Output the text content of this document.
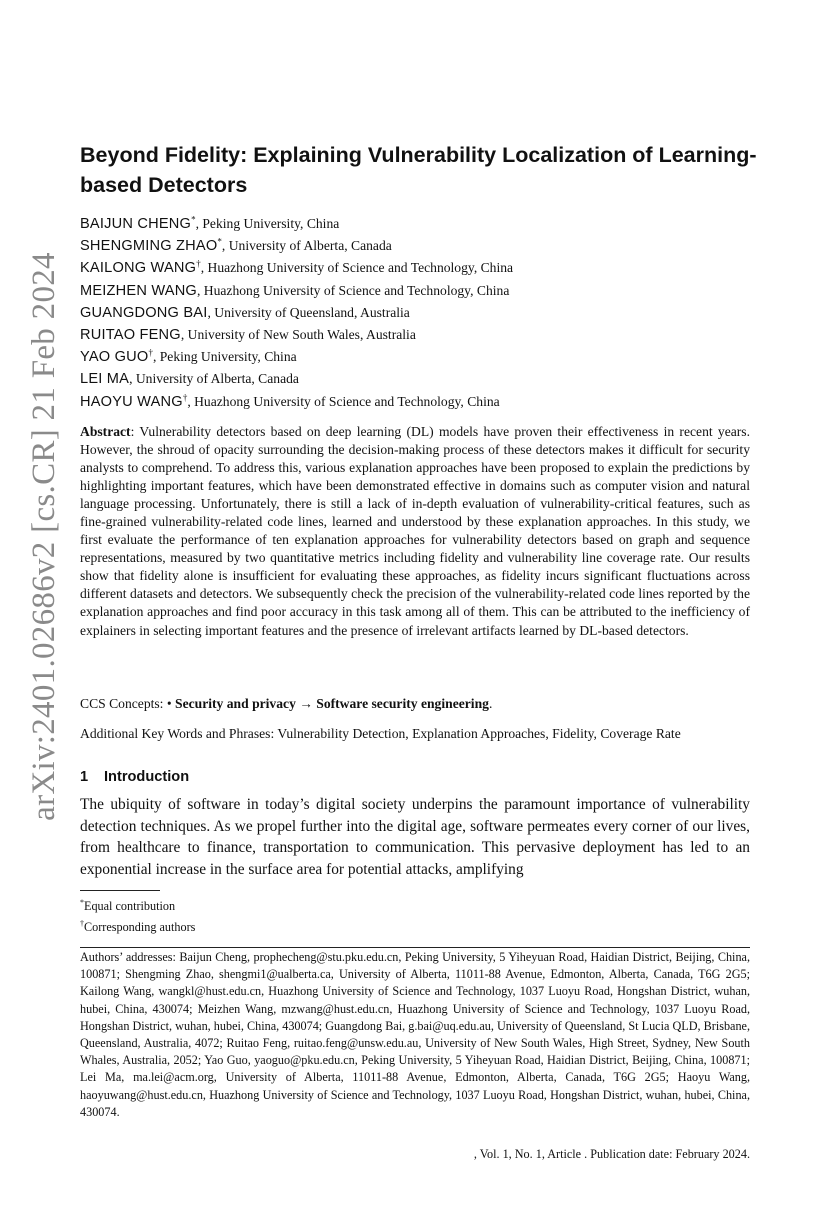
arXiv:2401.02686v2 [cs.CR] 21 Feb 2024
Beyond Fidelity: Explaining Vulnerability Localization of Learning-based Detectors
BAIJUN CHENG*, Peking University, China
SHENGMING ZHAO*, University of Alberta, Canada
KAILONG WANG†, Huazhong University of Science and Technology, China
MEIZHEN WANG, Huazhong University of Science and Technology, China
GUANGDONG BAI, University of Queensland, Australia
RUITAO FENG, University of New South Wales, Australia
YAO GUO†, Peking University, China
LEI MA, University of Alberta, Canada
HAOYU WANG†, Huazhong University of Science and Technology, China

Abstract: Vulnerability detectors based on deep learning (DL) models have proven their effectiveness in recent years. However, the shroud of opacity surrounding the decision-making process of these detectors makes it difficult for security analysts to comprehend. To address this, various explanation approaches have been proposed to explain the predictions by highlighting important features, which have been demonstrated effective in domains such as computer vision and natural language processing. Unfortunately, there is still a lack of in-depth evaluation of vulnerability-critical features, such as fine-grained vulnerability-related code lines, learned and understood by these explanation approaches. In this study, we first evaluate the performance of ten explanation approaches for vulnerability detectors based on graph and sequence representations, measured by two quantitative metrics including fidelity and vulnerability line coverage rate. Our results show that fidelity alone is insufficient for evaluating these approaches, as fidelity incurs significant fluctuations across different datasets and detectors. We subsequently check the precision of the vulnerability-related code lines reported by the explanation approaches and find poor accuracy in this task among all of them. This can be attributed to the inefficiency of explainers in selecting important features and the presence of irrelevant artifacts learned by DL-based detectors.

CCS Concepts: • Security and privacy → Software security engineering.

Additional Key Words and Phrases: Vulnerability Detection, Explanation Approaches, Fidelity, Coverage Rate

1 Introduction

The ubiquity of software in today’s digital society underpins the paramount importance of vulnerability detection techniques. As we propel further into the digital age, software permeates every corner of our lives, from healthcare to finance, transportation to communication. This pervasive deployment has led to an exponential increase in the surface area for potential attacks, amplifying

*Equal contribution
†Corresponding authors

Authors’ addresses: Baijun Cheng, prophecheng@stu.pku.edu.cn, Peking University, 5 Yiheyuan Road, Haidian District, Beijing, China, 100871; Shengming Zhao, shengmi1@ualberta.ca, University of Alberta, 11011-88 Avenue, Edmonton, Alberta, Canada, T6G 2G5; Kailong Wang, wangkl@hust.edu.cn, Huazhong University of Science and Technology, 1037 Luoyu Road, Hongshan District, wuhan, hubei, China, 430074; Meizhen Wang, mzwang@hust.edu.cn, Huazhong University of Science and Technology, 1037 Luoyu Road, Hongshan District, wuhan, hubei, China, 430074; Guangdong Bai, g.bai@uq.edu.au, University of Queensland, St Lucia QLD, Brisbane, Queensland, Australia, 4072; Ruitao Feng, ruitao.feng@unsw.edu.au, University of New South Wales, High Street, Sydney, New South Whales, Australia, 2052; Yao Guo, yaoguo@pku.edu.cn, Peking University, 5 Yiheyuan Road, Haidian District, Beijing, China, 100871; Lei Ma, ma.lei@acm.org, University of Alberta, 11011-88 Avenue, Edmonton, Alberta, Canada, T6G 2G5; Haoyu Wang, haoyuwang@hust.edu.cn, Huazhong University of Science and Technology, 1037 Luoyu Road, Hongshan District, wuhan, hubei, China, 430074.

, Vol. 1, No. 1, Article . Publication date: February 2024.
